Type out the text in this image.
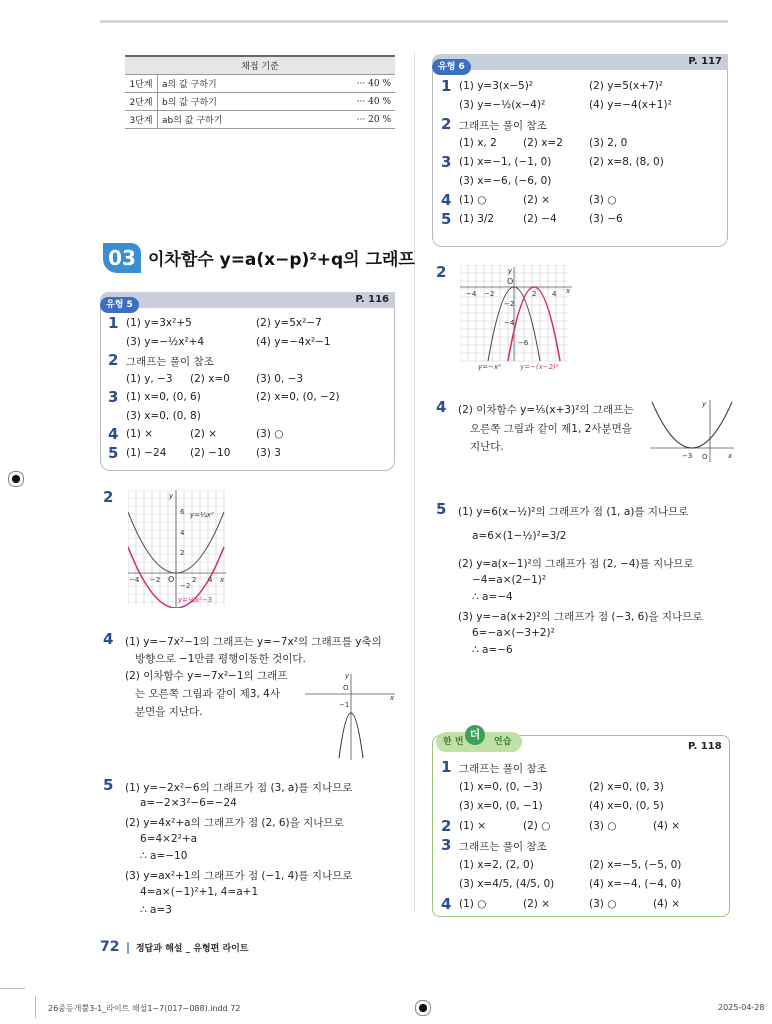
채점 기준		
1단계	a의 값 구하기	··· 40 %
2단계	b의 값 구하기	··· 40 %
3단계	ab의 값 구하기	··· 20 %
03 이차함수 y=a(x−p)²+q의 그래프
유형 5	P. 116
1 (1) y=3x²+5	(2) y=5x²−7
(3) y=−½x²+4	(4) y=−4x²−1
2 그래프는 풀이 참조
(1) y, −3 (2) x=0 (3) 0, −3
3 (1) x=0, (0, 6)	(2) x=0, (0, −2)
(3) x=0, (0, 8)
4 (1) ×	(2) ×	(3) ○
5 (1) −24 (2) −10 (3) 3
2
6
4
2
−2
−4 −2 O	2 4 x
y
y=¼x²
y=¼x²−3
4 (1) y=−7x²−1의 그래프는 y=−7x²의 그래프를 y축의
방향으로 −1만큼 평행이동한 것이다.
(2) 이차함수 y=−7x²−1의 그래프
는 오른쪽 그림과 같이 제3, 4사
분면을 지난다.
O
−1
x
y
5 (1) y=−2x²−6의 그래프가 점 (3, a)를 지나므로
a=−2×3²−6=−24
(2) y=4x²+a의 그래프가 점 (2, 6)을 지나므로
6=4×2²+a
∴ a=−10
(3) y=ax²+1의 그래프가 점 (−1, 4)를 지나므로
4=a×(−1)²+1, 4=a+1
∴ a=3
유형 6	P. 117
1 (1) y=3(x−5)²	(2) y=5(x+7)²
(3) y=−½(x−4)²	(4) y=−4(x+1)²
2 그래프는 풀이 참조
(1) x, 2 (2) x=2 (3) 2, 0
3 (1) x=−1, (−1, 0)	(2) x=8, (8, 0)
(3) x=−6, (−6, 0)
4 (1) ○	(2) ×	(3) ○
5 (1) 3/2	(2) −4	(3) −6
2
−4 −2
O
2 4
−2
−4
−6
x
y
y=−x²	y=−(x−2)²
4 (2) 이차함수 y=⅕(x+3)²의 그래프는
오른쪽 그림과 같이 제1, 2사분면을
지난다.
−3 O	x
y
5 (1) y=6(x−½)²의 그래프가 점 (1, a)를 지나므로
a=6×(1−½)²=3/2
(2) y=a(x−1)²의 그래프가 점 (2, −4)를 지나므로
−4=a×(2−1)²
∴ a=−4
(3) y=−a(x+2)²의 그래프가 점 (−3, 6)을 지나므로
6=−a×(−3+2)²
∴ a=−6
한 번	연습
더
P. 118
1 그래프는 풀이 참조
(1) x=0, (0, −3)	(2) x=0, (0, 3)
(3) x=0, (0, −1)	(4) x=0, (0, 5)
2 (1) ×	(2) ○	(3) ○	(4) ×
3 그래프는 풀이 참조
(1) x=2, (2, 0)	(2) x=−5, (−5, 0)
(3) x=4/5, (4/5, 0)	(4) x=−4, (−4, 0)
4 (1) ○	(2) ×	(3) ○	(4) ×
72 정답과 해설 _ 유형편 라이트
26중등개뿔3-1_라이트 해설1~7(017~088).indd 72	2025-04-28
